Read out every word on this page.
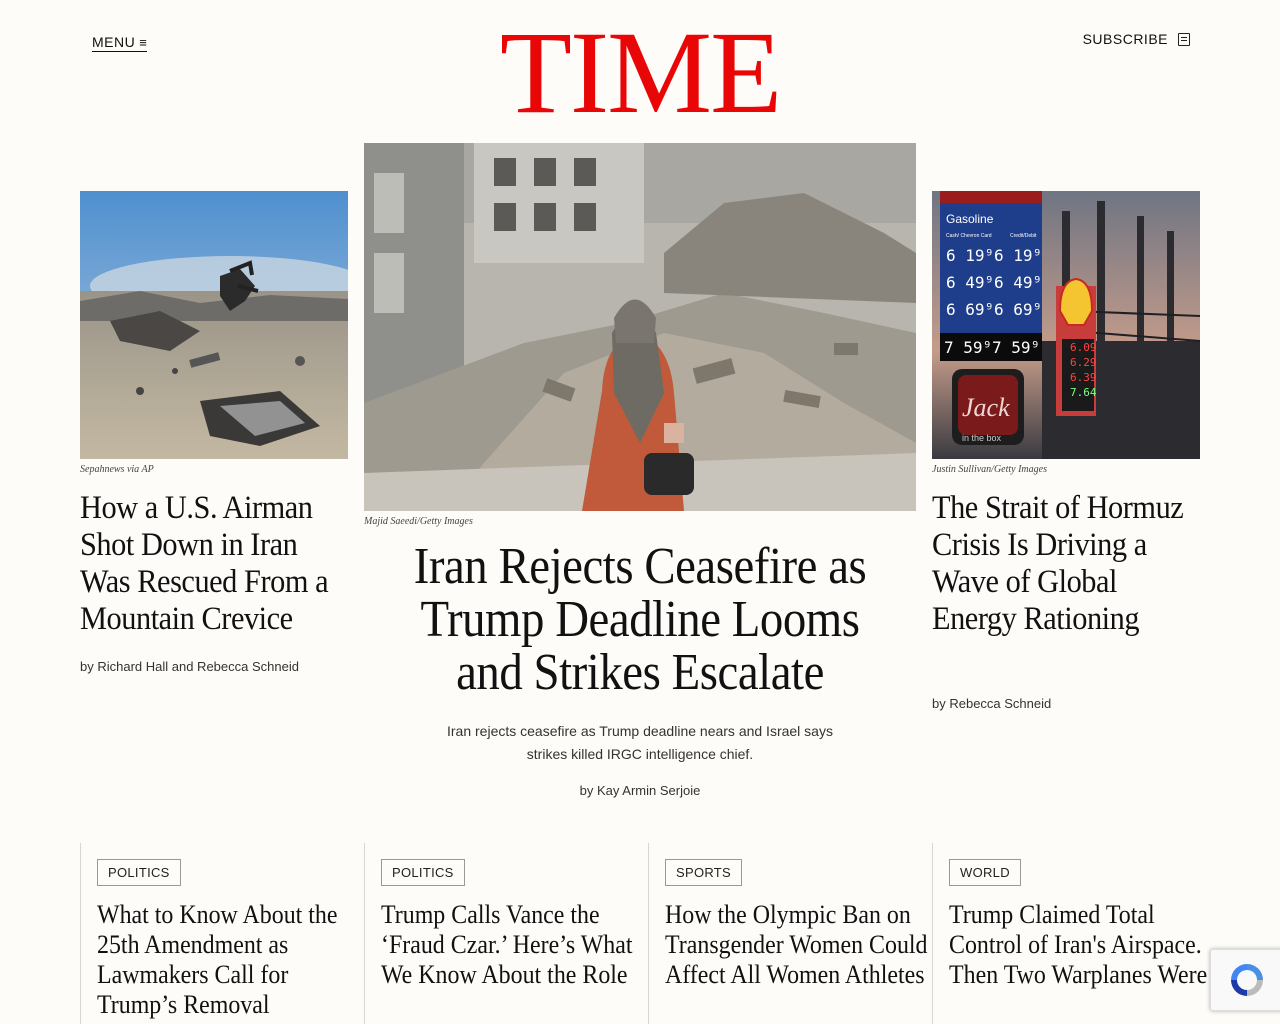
MENU ≡	TIME	SUBSCRIBE
Sepahnews via AP
How a U.S. Airman Shot Down in Iran Was Rescued From a Mountain Crevice
by Richard Hall and Rebecca Schneid
Majid Saeedi/Getty Images
Iran Rejects Ceasefire as Trump Deadline Looms and Strikes Escalate

Iran rejects ceasefire as Trump deadline nears and Israel says strikes killed IRGC intelligence chief.

by Kay Armin Serjoie
Gasoline
Cash/ Chevron Card	Credit/Debit
6 19⁹ 6 19⁹
6 49⁹ 6 49⁹
6 69⁹ 6 69⁹
7 59⁹ 7 59⁹
Jack
in the box
6.09
6.29
6.39
7.64
Justin Sullivan/Getty Images
The Strait of Hormuz Crisis Is Driving a Wave of Global Energy Rationing
by Rebecca Schneid
POLITICS
What to Know About the 25th Amendment as Lawmakers Call for Trump’s Removal
POLITICS
Trump Calls Vance the ‘Fraud Czar.’ Here’s What We Know About the Role
SPORTS
How the Olympic Ban on Transgender Women Could Affect All Women Athletes
WORLD
Trump Claimed Total Control of Iran's Airspace. Then Two Warplanes Were
